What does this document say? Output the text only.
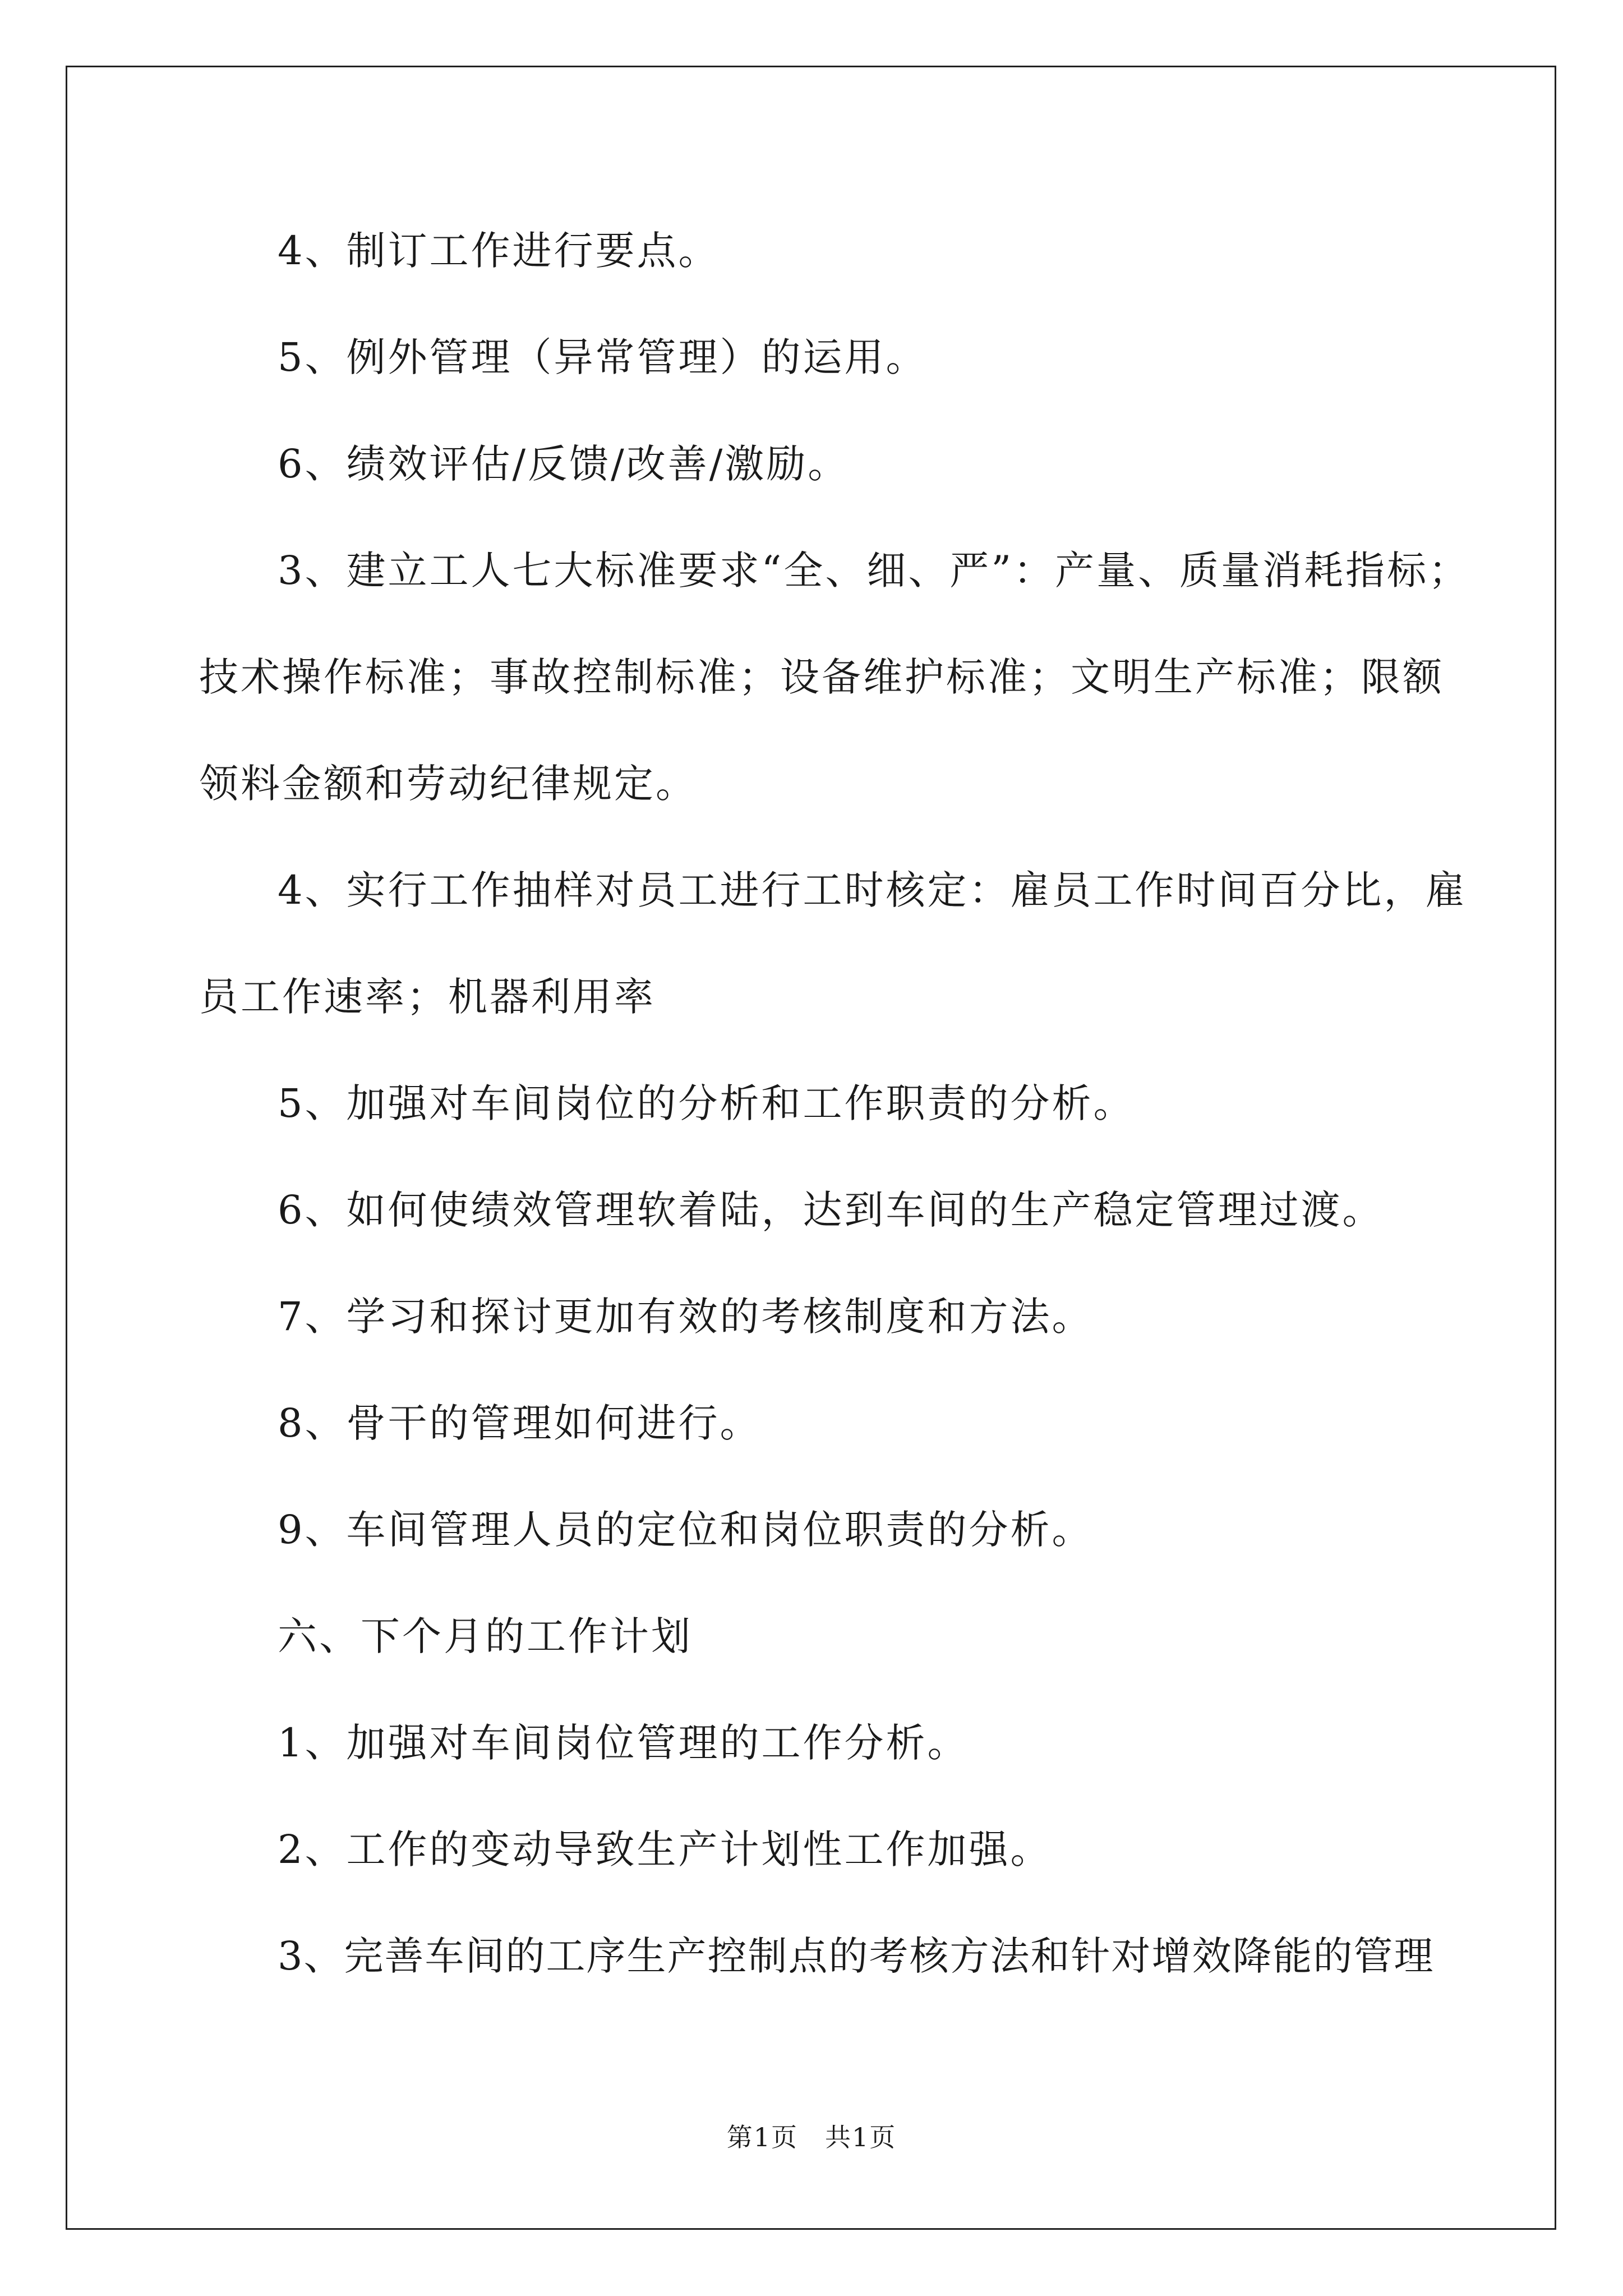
4、制订工作进行要点。
5、例外管理（异常管理）的运用。
6、绩效评估/反馈/改善/激励。
3、建立工人七大标准要求“全、细、严”：产量、质量消耗指标；
技术操作标准；事故控制标准；设备维护标准；文明生产标准；限额
领料金额和劳动纪律规定。
4、实行工作抽样对员工进行工时核定：雇员工作时间百分比，雇
员工作速率；机器利用率
5、加强对车间岗位的分析和工作职责的分析。
6、如何使绩效管理软着陆，达到车间的生产稳定管理过渡。
7、学习和探讨更加有效的考核制度和方法。
8、骨干的管理如何进行。
9、车间管理人员的定位和岗位职责的分析。
六、下个月的工作计划
1、加强对车间岗位管理的工作分析。
2、工作的变动导致生产计划性工作加强。
3、完善车间的工序生产控制点的考核方法和针对增效降能的管理
第1页　共1页
